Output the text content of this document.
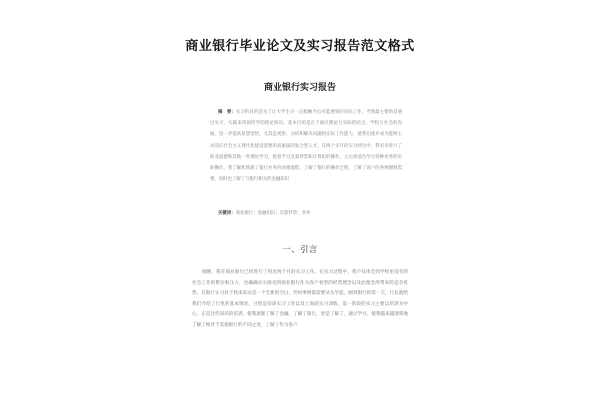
商业银行毕业论文及实习报告范文格式
商业银行实习报告
摘　要：实习的目的是为了让大学生早一点接触今后可能遇到的实际工作，当然最主要的是通过实习，实践来巩固所学的理论知识，基本目的是在于通过理论与实际的结合，学校与社会的沟通，进一步提高思想觉悟，尤其是观察、分析和解决问题的实际工作能力，使我们逐步成为能够主动适应社会主义现代化建设需要的高素质的复合型人才。在两个多月的实习经历中，我有幸进行了职业道德和其他一些理论学习，接着学习点算钞票和计算机的操作，之后到前台学习各种业务的实际操作。我了解和熟悉了银行业务的办理流程，了解了银行的操作过程，了解了客户的各种理财需要，同时也了解了与银行相关的金融知识
关键词：商业银行；金融知识；点算钞票；业务
一、引言
刚刚，我在商业银行已经进行了将近两个月的实习工作。在实习过程中，我不仅体会到学校里没有的社会工作的繁杂和压力，也确确实实感受到商业银行作为客户看型的经营理念以及此理念所带来的竞争优势。在银行实习对于我来说这是一个全新的空白，仍何事情都需要从头学起。刚到银行的第一天，行长就给我们介绍了行里的基本情况，分别是培训实习工作以及上岗前实习训练，第一阶段的实习主要以培训为中心，正是这些知识的培训，使我逐渐了解了金融，了解了银行，更是了解了，通过学习，使我越来越深刻地了解了相对于其他银行的不同之处，了解了作为客户
